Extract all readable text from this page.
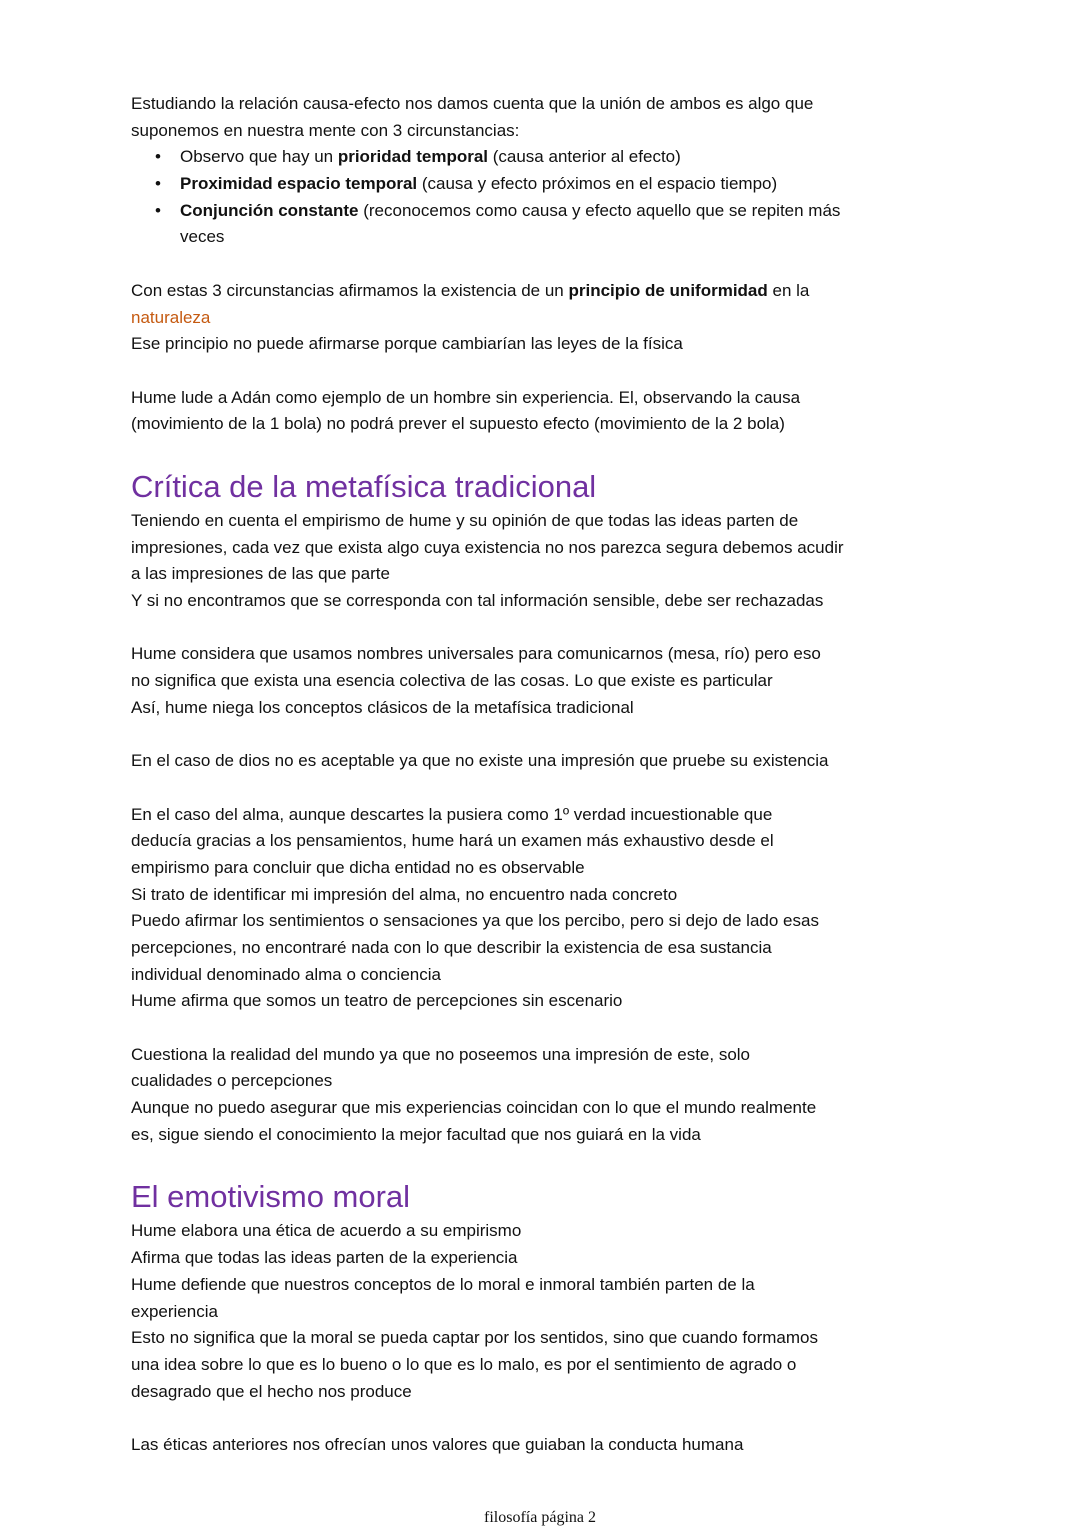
Estudiando la relación causa-efecto nos damos cuenta que la unión de ambos es algo que
suponemos en nuestra mente con 3 circunstancias:
• Observo que hay un prioridad temporal (causa anterior al efecto)
• Proximidad espacio temporal (causa y efecto próximos en el espacio tiempo)
• Conjunción constante (reconocemos como causa y efecto aquello que se repiten más
veces
Con estas 3 circunstancias afirmamos la existencia de un principio de uniformidad en la
naturaleza
Ese principio no puede afirmarse porque cambiarían las leyes de la física
Hume lude a Adán como ejemplo de un hombre sin experiencia. El, observando la causa
(movimiento de la 1 bola) no podrá prever el supuesto efecto (movimiento de la 2 bola)
Crítica de la metafísica tradicional
Teniendo en cuenta el empirismo de hume y su opinión de que todas las ideas parten de
impresiones, cada vez que exista algo cuya existencia no nos parezca segura debemos acudir
a las impresiones de las que parte
Y si no encontramos que se corresponda con tal información sensible, debe ser rechazadas
Hume considera que usamos nombres universales para comunicarnos (mesa, río) pero eso
no significa que exista una esencia colectiva de las cosas. Lo que existe es particular
Así, hume niega los conceptos clásicos de la metafísica tradicional
En el caso de dios no es aceptable ya que no existe una impresión que pruebe su existencia
En el caso del alma, aunque descartes la pusiera como 1º verdad incuestionable que
deducía gracias a los pensamientos, hume hará un examen más exhaustivo desde el
empirismo para concluir que dicha entidad no es observable
Si trato de identificar mi impresión del alma, no encuentro nada concreto
Puedo afirmar los sentimientos o sensaciones ya que los percibo, pero si dejo de lado esas
percepciones, no encontraré nada con lo que describir la existencia de esa sustancia
individual denominado alma o conciencia
Hume afirma que somos un teatro de percepciones sin escenario
Cuestiona la realidad del mundo ya que no poseemos una impresión de este, solo
cualidades o percepciones
Aunque no puedo asegurar que mis experiencias coincidan con lo que el mundo realmente
es, sigue siendo el conocimiento la mejor facultad que nos guiará en la vida
El emotivismo moral
Hume elabora una ética de acuerdo a su empirismo
Afirma que todas las ideas parten de la experiencia
Hume defiende que nuestros conceptos de lo moral e inmoral también parten de la
experiencia
Esto no significa que la moral se pueda captar por los sentidos, sino que cuando formamos
una idea sobre lo que es lo bueno o lo que es lo malo, es por el sentimiento de agrado o
desagrado que el hecho nos produce
Las éticas anteriores nos ofrecían unos valores que guiaban la conducta humana
filosofía página 2
